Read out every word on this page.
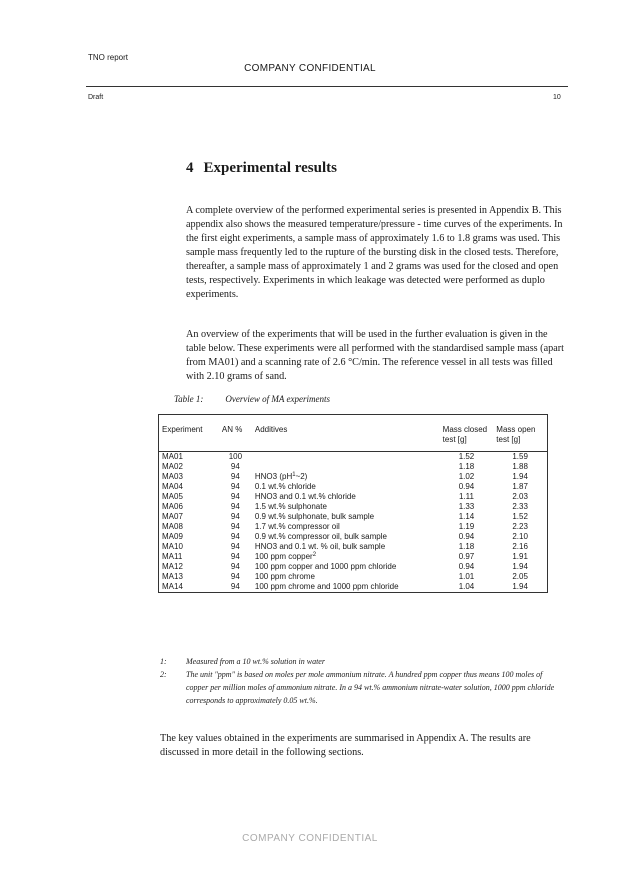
TNO report
COMPANY CONFIDENTIAL
Draft	10
4 Experimental results
A complete overview of the performed experimental series is presented in Appendix B. This appendix also shows the measured temperature/pressure - time curves of the experiments. In the first eight experiments, a sample mass of approximately 1.6 to 1.8 grams was used. This sample mass frequently led to the rupture of the bursting disk in the closed tests. Therefore, thereafter, a sample mass of approximately 1 and 2 grams was used for the closed and open tests, respectively. Experiments in which leakage was detected were performed as duplo experiments.
An overview of the experiments that will be used in the further evaluation is given in the table below. These experiments were all performed with the standardised sample mass (apart from MA01) and a scanning rate of 2.6 °C/min. The reference vessel in all tests was filled with 2.10 grams of sand.
Table 1: Overview of MA experiments
Experiment	AN %	Additives	Mass closed test [g]	Mass open test [g]
MA01	100		1.52	1.59
MA02	94		1.18	1.88
MA03	94	HNO3 $(pH^1\sim 2)$	1.02	1.94
MA04	94	0.1 wt.% chloride	0.94	1.87
MA05	94	HNO3 and 0.1 wt.% chloride	1.11	2.03
MA06	94	1.5 wt.% sulphonate	1.33	2.33
MA07	94	0.9 wt.% sulphonate, bulk sample	1.14	1.52
MA08	94	1.7 wt.% compressor oil	1.19	2.23
MA09	94	0.9 wt.% compressor oil, bulk sample	0.94	2.10
MA10	94	HNO3 and 0.1 wt. % oil, bulk sample	1.18	2.16
MA11	94	100 ppm copper$^2$	0.97	1.91
MA12	94	100 ppm copper and 1000 ppm chloride	0.94	1.94
MA13	94	100 ppm chrome	1.01	2.05
MA14	94	100 ppm chrome and 1000 ppm chloride	1.04	1.94
1:	Measured from a 10 wt.% solution in water
2:	The unit "ppm" is based on moles per mole ammonium nitrate. A hundred ppm copper thus means 100 moles of copper per million moles of ammonium nitrate. In a 94 wt.% ammonium nitrate-water solution, 1000 ppm chloride corresponds to approximately 0.05 wt.%.
The key values obtained in the experiments are summarised in Appendix A. The results are discussed in more detail in the following sections.
COMPANY CONFIDENTIAL
